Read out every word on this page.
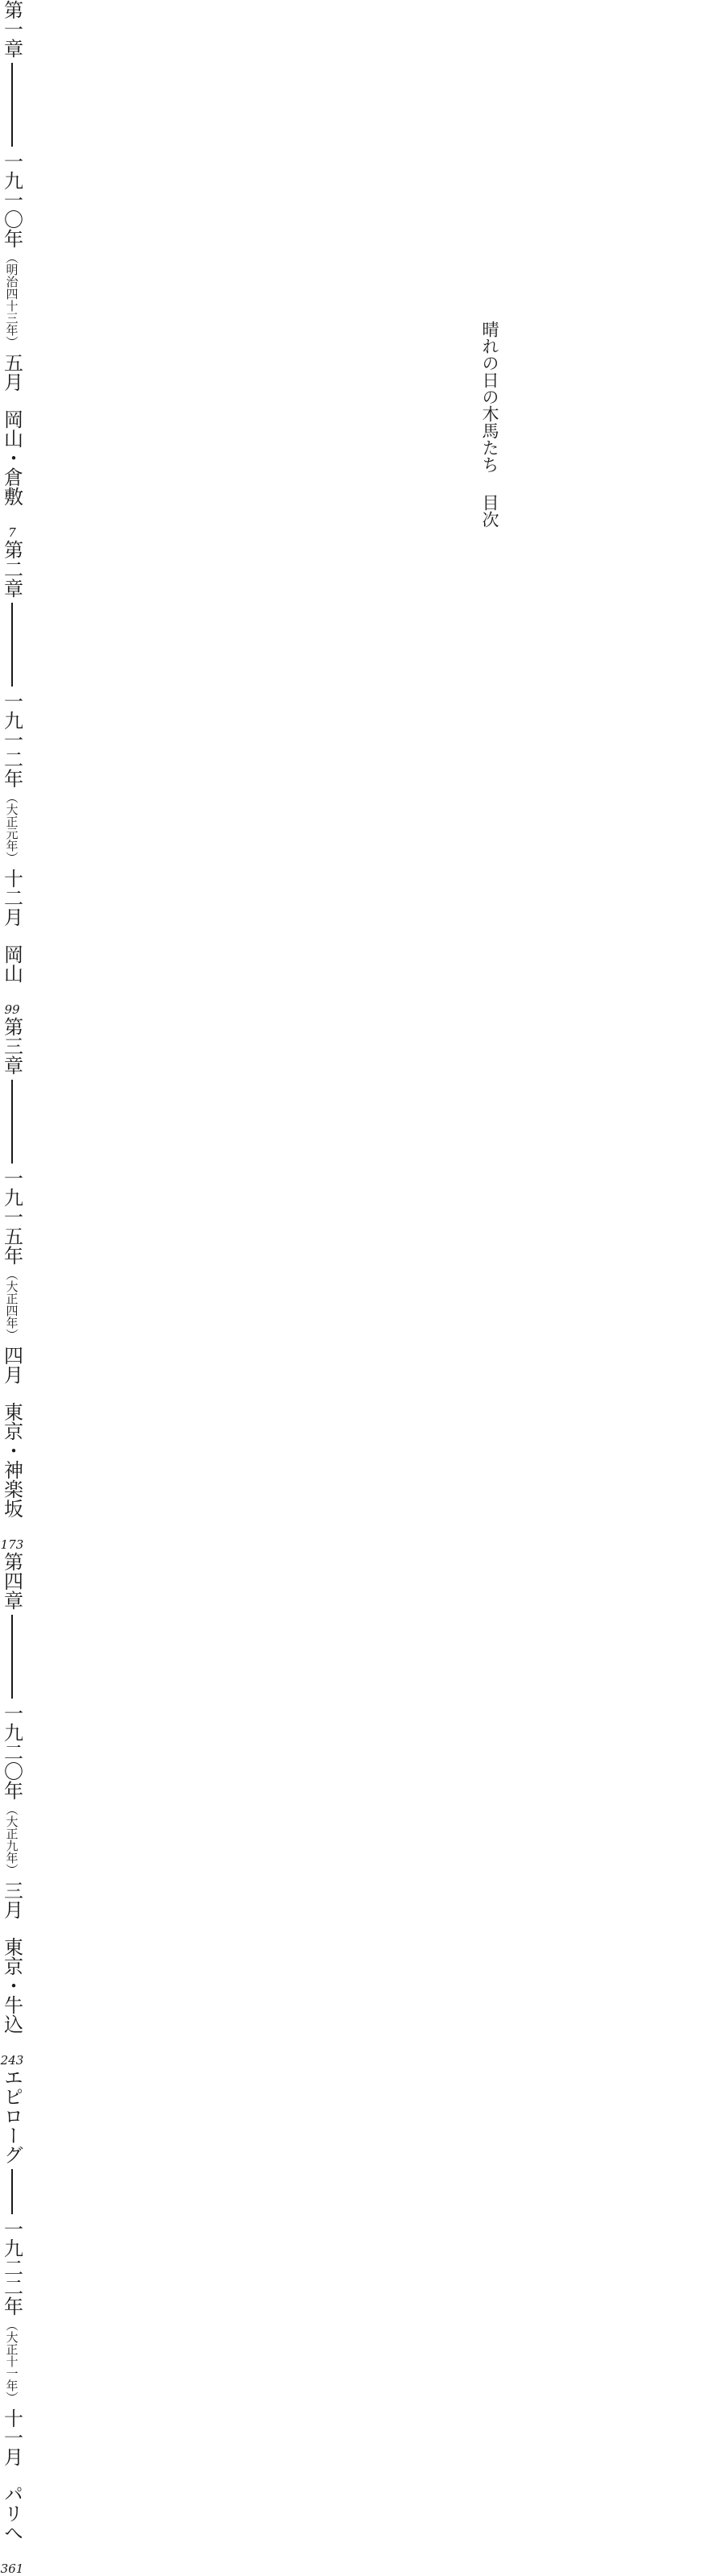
晴れの日の木馬たち目次
第一章
一九一〇年
（明治四十三年）
五月
岡山・倉敷
7
第二章
一九一二年
（大正元年）
十二月
岡山
99
第三章
一九一五年
（大正四年）
四月
東京・神楽坂
173
第四章
一九二〇年
（大正九年）
三月
東京・牛込
243
エピローグ
一九二二年
（大正十一年）
十一月
パリへ
361
